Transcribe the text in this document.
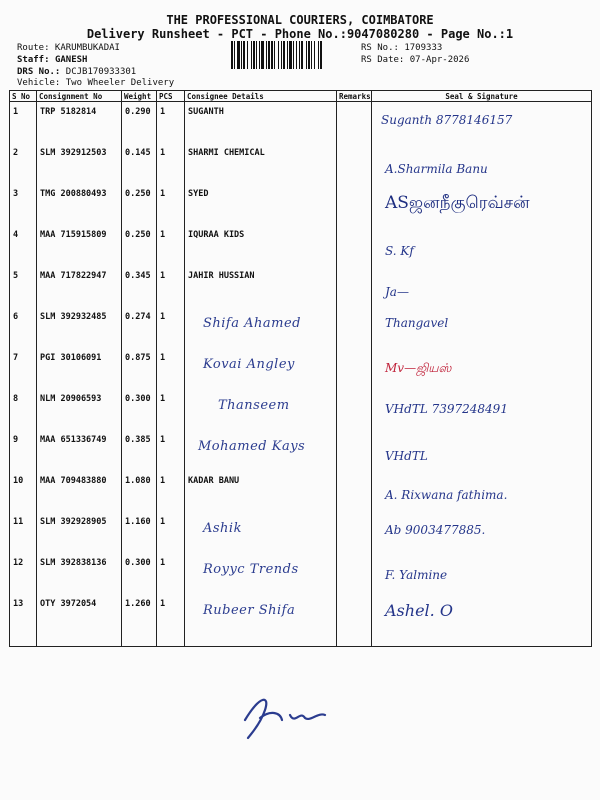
THE PROFESSIONAL COURIERS, COIMBATORE
Delivery Runsheet - PCT - Phone No.:9047080280 - Page No.:1
Route: KARUMBUKADAI
Staff: GANESH
DRS No.: DCJB170933301
Vehicle: Two Wheeler Delivery
RS No.: 1709333
RS Date: 07-Apr-2026
S No	Consignment No	Weight	PCS	Consignee Details	Remarks	Seal & Signature
1	TRP 5182814	0.290	1	SUGANTH		Suganth 8778146157

2	SLM 392912503	0.145	1	SHARMI CHEMICAL		A.Sharmila Banu

3	TMG 200880493	0.250	1	SYED		ASஜனநீகுரெவ்சன்

4	MAA 715915809	0.250	1	IQURAA KIDS		S. Kf

5	MAA 717822947	0.345	1	JAHIR HUSSIAN		Ja—

6	SLM 392932485	0.274	1	Shifa Ahamed		Thangavel

7	PGI 30106091	0.875	1	Kovai Angley		Mv—ஜியஸ்

8	NLM 20906593	0.300	1	Thanseem		VHdTL 7397248491

9	MAA 651336749	0.385	1	Mohamed Kays		VHdTL

10	MAA 709483880	1.080	1	KADAR BANU		A. Rixwana fathima.

11	SLM 392928905	1.160	1	Ashik		Ab 9003477885.

12	SLM 392838136	0.300	1	Royyc Trends		F. Yalmine

13	OTY 3972054	1.260	1	Rubeer Shifa		Ashel. O
